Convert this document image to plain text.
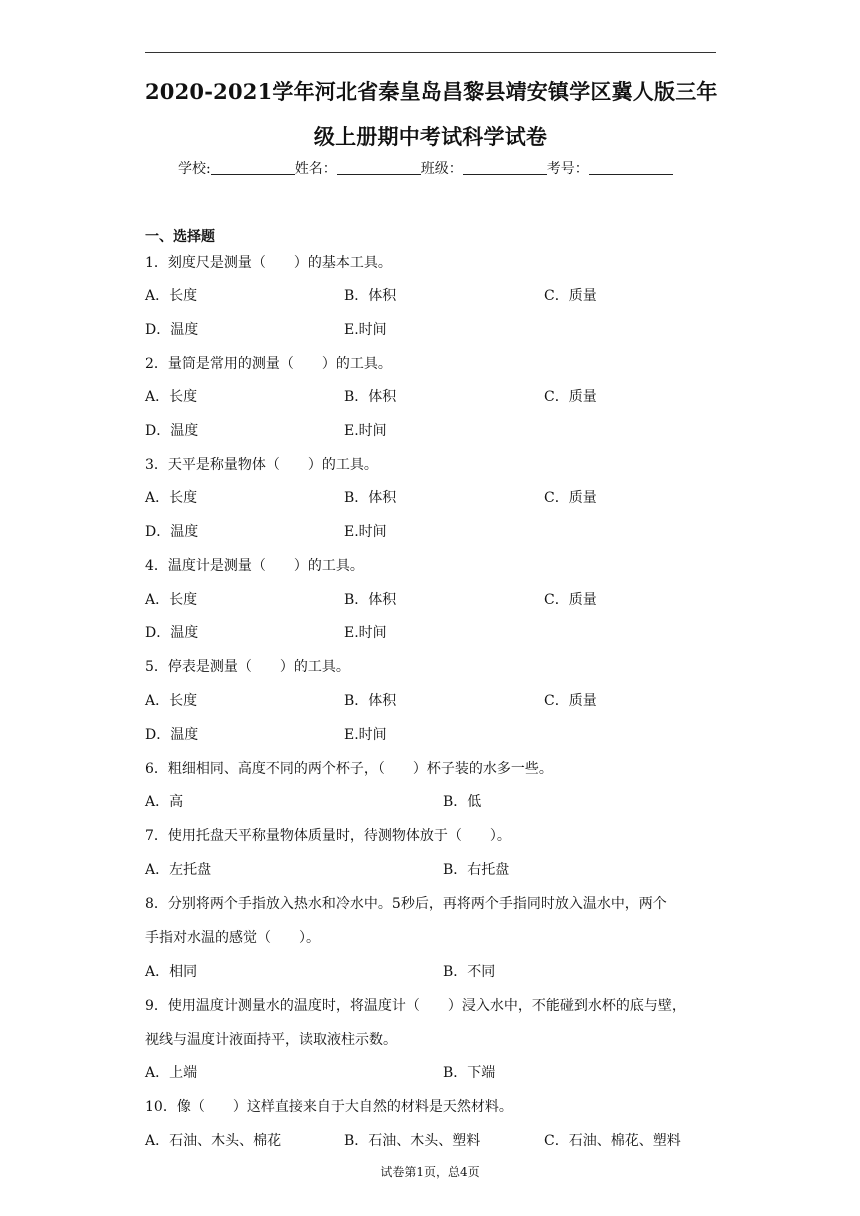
2020-2021学年河北省秦皇岛昌黎县靖安镇学区冀人版三年
级上册期中考试科学试卷
学校:	姓名：	班级：	考号：
一、选择题
1．刻度尺是测量（　　）的基本工具。
A．长度	B．体积	C．质量
D．温度	E.时间
2．量筒是常用的测量（　　）的工具。
A．长度	B．体积	C．质量
D．温度	E.时间
3．天平是称量物体（　　）的工具。
A．长度	B．体积	C．质量
D．温度	E.时间
4．温度计是测量（　　）的工具。
A．长度	B．体积	C．质量
D．温度	E.时间
5．停表是测量（　　）的工具。
A．长度	B．体积	C．质量
D．温度	E.时间
6．粗细相同、高度不同的两个杯子，（　　）杯子装的水多一些。
A．高	B．低
7．使用托盘天平称量物体质量时，待测物体放于（　　）。
A．左托盘	B．右托盘
8．分别将两个手指放入热水和冷水中。5秒后，再将两个手指同时放入温水中，两个
手指对水温的感觉（　　）。
A．相同	B．不同
9．使用温度计测量水的温度时，将温度计（　　）浸入水中，不能碰到水杯的底与壁，
视线与温度计液面持平，读取液柱示数。
A．上端	B．下端
10．像（　　）这样直接来自于大自然的材料是天然材料。
A．石油、木头、棉花	B．石油、木头、塑料	C．石油、棉花、塑料
试卷第1页，总4页
